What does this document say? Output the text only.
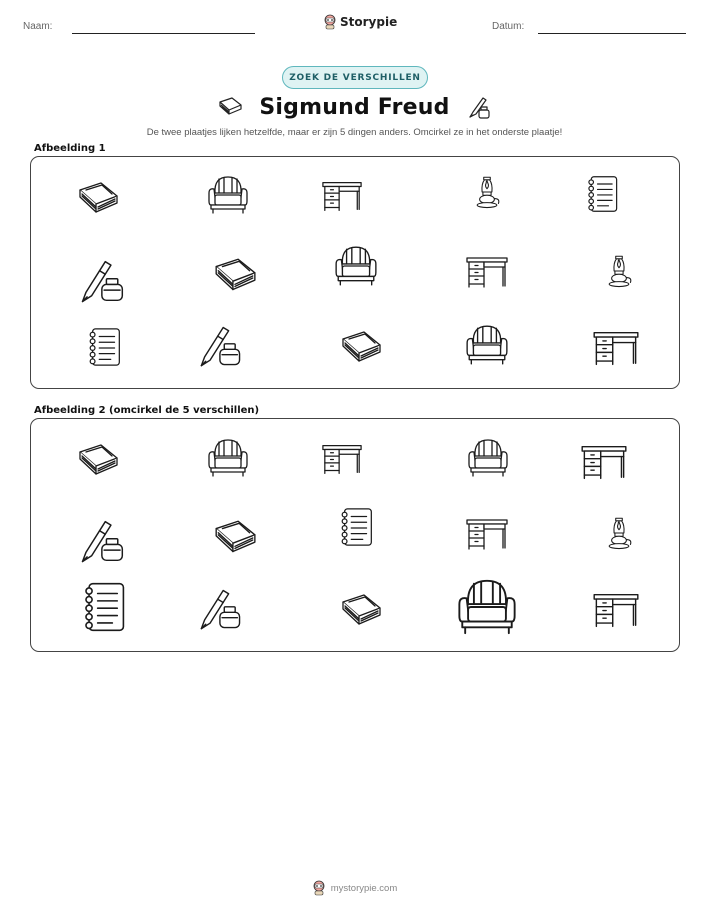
Naam:	Storypie	Datum:
ZOEK DE VERSCHILLEN
Sigmund Freud

De twee plaatjes lijken hetzelfde, maar er zijn 5 dingen anders. Omcirkel ze in het onderste plaatje!

Afbeelding 1
Afbeelding 2 (omcirkel de 5 verschillen)
mystorypie.com
